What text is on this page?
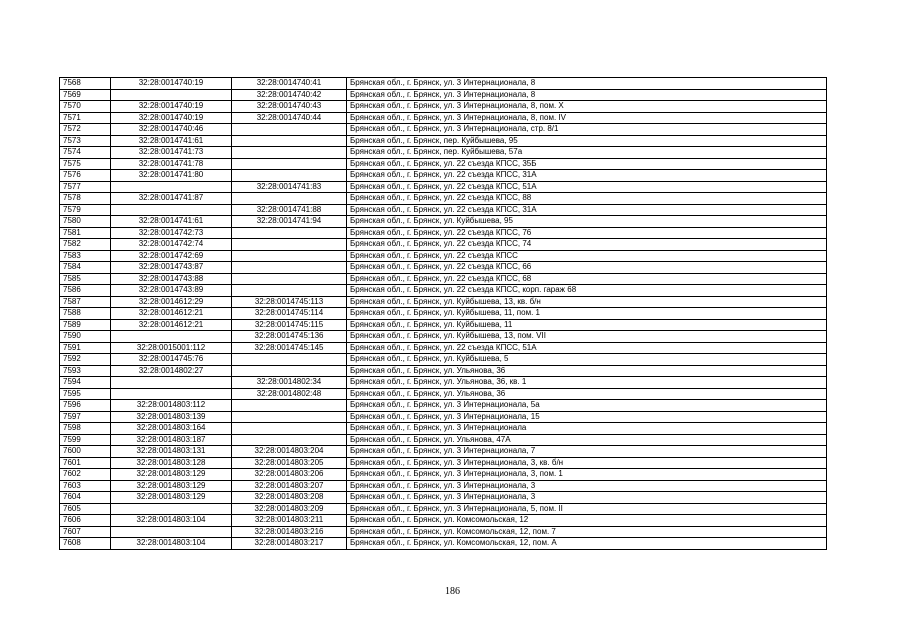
7568	32:28:0014740:19	32:28:0014740:41	Брянская обл., г. Брянск, ул. 3 Интернационала, 8
7569		32:28:0014740:42	Брянская обл., г. Брянск, ул. 3 Интернационала, 8
7570	32:28:0014740:19	32:28:0014740:43	Брянская обл., г. Брянск, ул. 3 Интернационала, 8, пом. X
7571	32:28:0014740:19	32:28:0014740:44	Брянская обл., г. Брянск, ул. 3 Интернационала, 8, пом. IV
7572	32:28:0014740:46		Брянская обл., г. Брянск, ул. 3 Интернационала, стр. 8/1
7573	32:28:0014741:61		Брянская обл., г. Брянск, пер. Куйбышева, 95
7574	32:28:0014741:73		Брянская обл., г. Брянск, пер. Куйбышева, 57а
7575	32:28:0014741:78		Брянская обл., г. Брянск, ул. 22 съезда КПСС, 35Б
7576	32:28:0014741:80		Брянская обл., г. Брянск, ул. 22 съезда КПСС, 31А
7577		32:28:0014741:83	Брянская обл., г. Брянск, ул. 22 съезда КПСС, 51А
7578	32:28:0014741:87		Брянская обл., г. Брянск, ул. 22 съезда КПСС, 88
7579		32:28:0014741:88	Брянская обл., г. Брянск, ул. 22 съезда КПСС, 31А
7580	32:28:0014741:61	32:28:0014741:94	Брянская обл., г. Брянск, ул. Куйбышева, 95
7581	32:28:0014742:73		Брянская обл., г. Брянск, ул. 22 съезда КПСС, 76
7582	32:28:0014742:74		Брянская обл., г. Брянск, ул. 22 съезда КПСС, 74
7583	32:28:0014742:69		Брянская обл., г. Брянск, ул. 22 съезда КПСС
7584	32:28:0014743:87		Брянская обл., г. Брянск, ул. 22 съезда КПСС, 66
7585	32:28:0014743:88		Брянская обл., г. Брянск, ул. 22 съезда КПСС, 68
7586	32:28:0014743:89		Брянская обл., г. Брянск, ул. 22 съезда КПСС, корп. гараж 68
7587	32:28:0014612:29	32:28:0014745:113	Брянская обл., г. Брянск, ул. Куйбышева, 13, кв. б/н
7588	32:28:0014612:21	32:28:0014745:114	Брянская обл., г. Брянск, ул. Куйбышева, 11, пом. 1
7589	32:28:0014612:21	32:28:0014745:115	Брянская обл., г. Брянск, ул. Куйбышева, 11
7590		32:28:0014745:136	Брянская обл., г. Брянск, ул. Куйбышева, 13, пом. VII
7591	32:28:0015001:112	32:28:0014745:145	Брянская обл., г. Брянск, ул. 22 съезда КПСС, 51А
7592	32:28:0014745:76		Брянская обл., г. Брянск, ул. Куйбышева, 5
7593	32:28:0014802:27		Брянская обл., г. Брянск, ул. Ульянова, 36
7594		32:28:0014802:34	Брянская обл., г. Брянск, ул. Ульянова, 36, кв. 1
7595		32:28:0014802:48	Брянская обл., г. Брянск, ул. Ульянова, 36
7596	32:28:0014803:112		Брянская обл., г. Брянск, ул. 3 Интернационала, 5а
7597	32:28:0014803:139		Брянская обл., г. Брянск, ул. 3 Интернационала, 15
7598	32:28:0014803:164		Брянская обл., г. Брянск, ул. 3 Интернационала
7599	32:28:0014803:187		Брянская обл., г. Брянск, ул. Ульянова, 47А
7600	32:28:0014803:131	32:28:0014803:204	Брянская обл., г. Брянск, ул. 3 Интернационала, 7
7601	32:28:0014803:128	32:28:0014803:205	Брянская обл., г. Брянск, ул. 3 Интернационала, 3, кв. б/н
7602	32:28:0014803:129	32:28:0014803:206	Брянская обл., г. Брянск, ул. 3 Интернационала, 3, пом. 1
7603	32:28:0014803:129	32:28:0014803:207	Брянская обл., г. Брянск, ул. 3 Интернационала, 3
7604	32:28:0014803:129	32:28:0014803:208	Брянская обл., г. Брянск, ул. 3 Интернационала, 3
7605		32:28:0014803:209	Брянская обл., г. Брянск, ул. 3 Интернационала, 5, пом. II
7606	32:28:0014803:104	32:28:0014803:211	Брянская обл., г. Брянск, ул. Комсомольская, 12
7607		32:28:0014803:216	Брянская обл., г. Брянск, ул. Комсомольская, 12, пом. 7
7608	32:28:0014803:104	32:28:0014803:217	Брянская обл., г. Брянск, ул. Комсомольская, 12, пом. А
186
